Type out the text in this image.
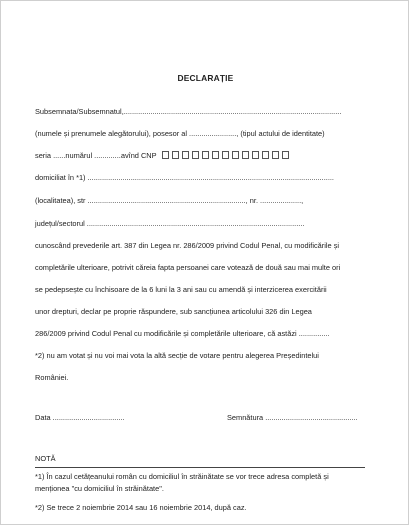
DECLARAȚIE
Subsemnata/Subsemnatul,..........................................................................................................
(numele și prenumele alegătorului), posesor al ......................., (tipul actului de identitate)
seria ......numărul .............avînd CNP
domiciliat în *1) ........................................................................................................................
(localitatea), str ............................................................................., nr. ....................,
județul/sectorul ..........................................................................................................
cunoscând prevederile art. 387 din Legea nr. 286/2009 privind Codul Penal, cu modificările și
completările ulterioare, potrivit căreia fapta persoanei care votează de două sau mai multe ori
se pedepsește cu închisoare de la 6 luni la 3 ani sau cu amendă și interzicerea exercitării
unor drepturi, declar pe proprie răspundere, sub sancțiunea articolului 326 din Legea
286/2009 privind Codul Penal cu modificările și completările ulterioare, că astăzi ...............
*2) nu am votat și nu voi mai vota la altă secție de votare pentru alegerea Președintelui
României.
Data ...................................	Semnătura .............................................
NOTĂ
*1) În cazul cetățeanului român cu domiciliul în străinătate se vor trece adresa completă și
menționea "cu domiciliul în străinătate".
*2) Se trece 2 noiembrie 2014 sau 16 noiembrie 2014, după caz.
